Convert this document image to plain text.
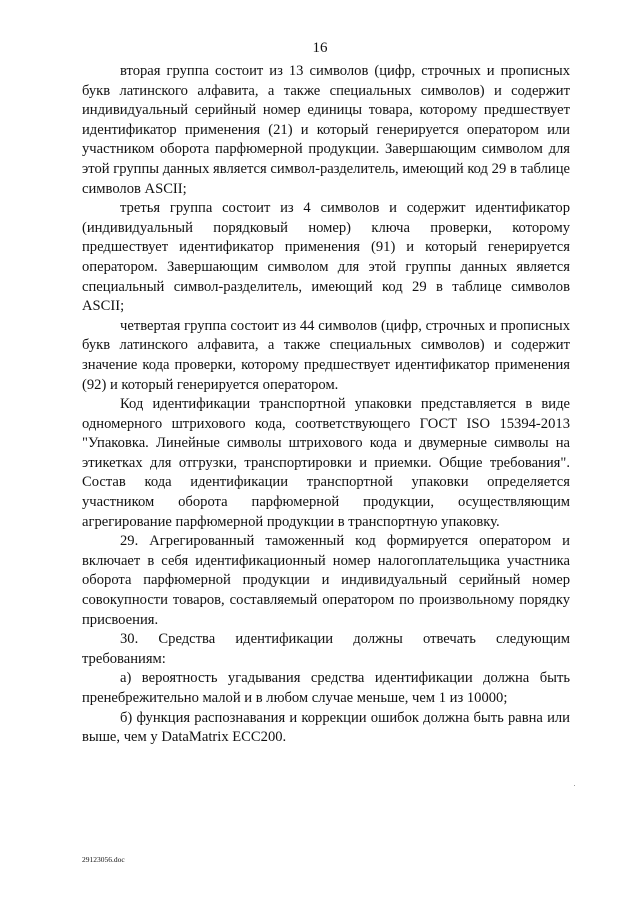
16

вторая группа состоит из 13 символов (цифр, строчных и прописных букв латинского алфавита, а также специальных символов) и содержит индивидуальный серийный номер единицы товара, которому предшествует идентификатор применения (21) и который генерируется оператором или участником оборота парфюмерной продукции. Завершающим символом для этой группы данных является символ-разделитель, имеющий код 29 в таблице символов ASCII;

третья группа состоит из 4 символов и содержит идентификатор (индивидуальный порядковый номер) ключа проверки, которому предшествует идентификатор применения (91) и который генерируется оператором. Завершающим символом для этой группы данных является специальный символ-разделитель, имеющий код 29 в таблице символов ASCII;

четвертая группа состоит из 44 символов (цифр, строчных и прописных букв латинского алфавита, а также специальных символов) и содержит значение кода проверки, которому предшествует идентификатор применения (92) и который генерируется оператором.

Код идентификации транспортной упаковки представляется в виде одномерного штрихового кода, соответствующего ГОСТ ISO 15394-2013 "Упаковка. Линейные символы штрихового кода и двумерные символы на этикетках для отгрузки, транспортировки и приемки. Общие требования". Состав кода идентификации транспортной упаковки определяется участником оборота парфюмерной продукции, осуществляющим агрегирование парфюмерной продукции в транспортную упаковку.

29. Агрегированный таможенный код формируется оператором и включает в себя идентификационный номер налогоплательщика участника оборота парфюмерной продукции и индивидуальный серийный номер совокупности товаров, составляемый оператором по произвольному порядку присвоения.

30. Средства идентификации должны отвечать следующим требованиям:

а) вероятность угадывания средства идентификации должна быть пренебрежительно малой и в любом случае меньше, чем 1 из 10000;

б) функция распознавания и коррекции ошибок должна быть равна или выше, чем у DataMatrix ECC200.

29123056.doc
